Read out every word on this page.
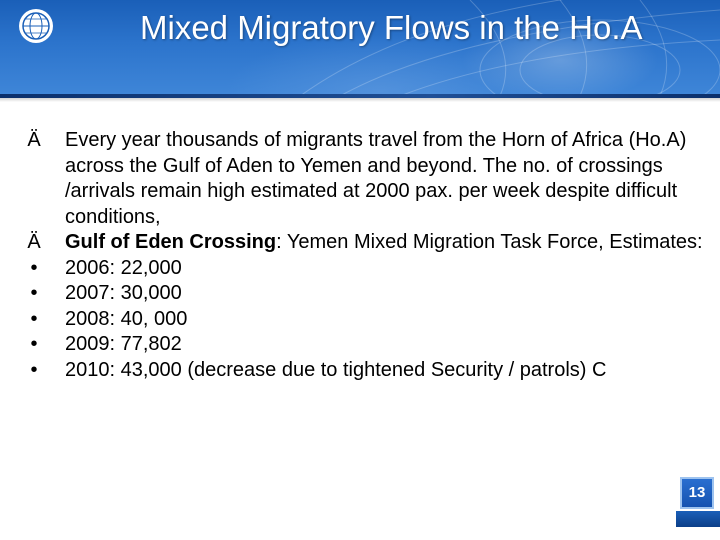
Mixed Migratory Flows in the Ho.A

Ä Every year thousands of migrants travel from the Horn of Africa (Ho.A) across the Gulf of Aden to Yemen and beyond. The no. of crossings /arrivals remain high estimated at 2000 pax. per week despite difficult conditions,

Ä Gulf of Eden Crossing: Yemen Mixed Migration Task Force, Estimates:

• 2006: 22,000

• 2007: 30,000

• 2008: 40, 000

• 2009: 77,802

• 2010: 43,000 (decrease due to tightened Security / patrols) C

13
